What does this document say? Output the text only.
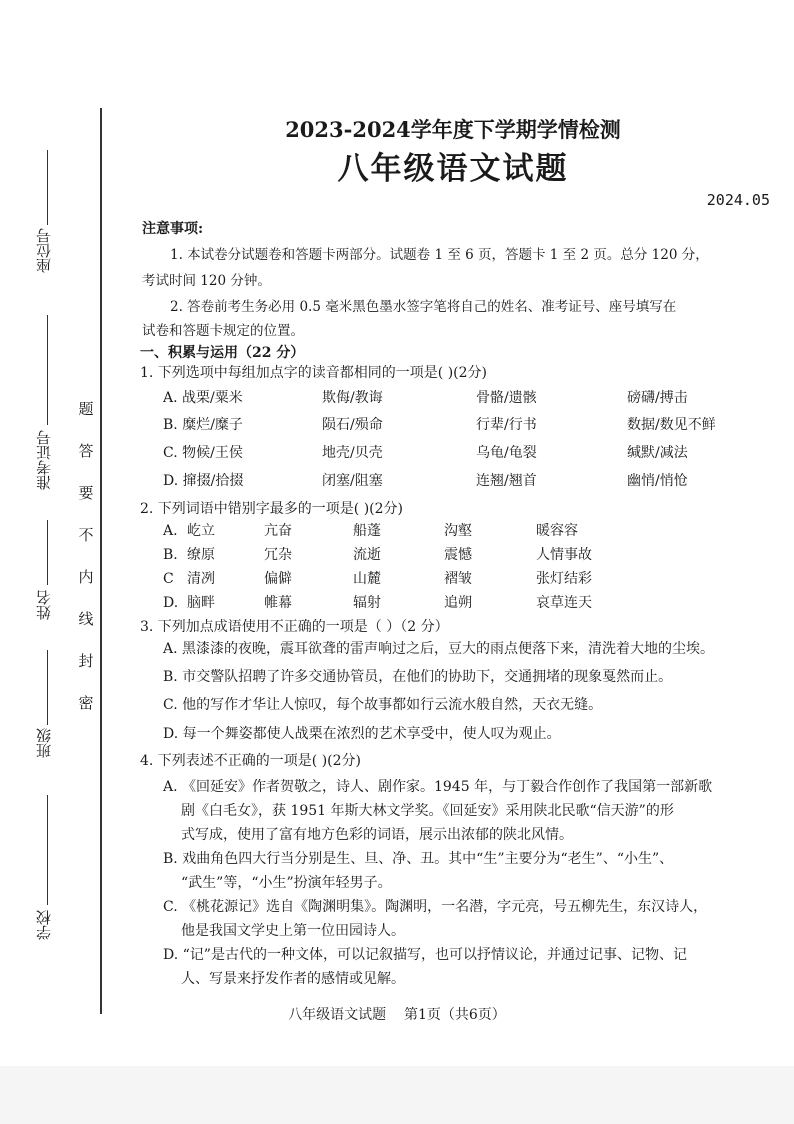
座位号
准考证号
姓名
班级
学校
密
封
线
内
不
要
答
题
2023-2024学年度下学期学情检测
八年级语文试题
2024.05
注意事项:
1. 本试卷分试题卷和答题卡两部分。试题卷 1 至 6 页，答题卡 1 至 2 页。总分 120 分，
考试时间 120 分钟。
2. 答卷前考生务必用 0.5 毫米黑色墨水签字笔将自己的姓名、准考证号、座号填写在
试卷和答题卡规定的位置。
一、积累与运用（22 分）
1. 下列选项中每组加点字的读音都相同的一项是( )(2分)
A. 战栗/粟米	欺侮/教诲	骨骼/遗骸	磅礴/搏击
B. 糜烂/糜子	陨石/殒命	行辈/行书	数据/数见不鲜
C. 物候/王侯	地壳/贝壳	乌龟/龟裂	缄默/减法
D. 撺掇/拾掇	闭塞/阻塞	连翘/翘首	幽悄/悄怆
2. 下列词语中错别字最多的一项是( )(2分)
A. 屹立	亢奋	船蓬	沟壑	暖容容
B. 缭原	冗杂	流逝	震憾	人情事故
C 清冽	偏僻	山麓	褶皱	张灯结彩
D. 脑畔	帷幕	辐射	追朔	哀草连天
3. 下列加点成语使用不正确的一项是（ ）（2 分）
A. 黑漆漆的夜晚，震耳欲聋的雷声响过之后，豆大的雨点便落下来，清洗着大地的尘埃。
B. 市交警队招聘了许多交通协管员，在他们的协助下，交通拥堵的现象戛然而止。
C. 他的写作才华让人惊叹，每个故事都如行云流水般自然，天衣无缝。
D. 每一个舞姿都使人战栗在浓烈的艺术享受中，使人叹为观止。
4. 下列表述不正确的一项是( )(2分)
A. 《回延安》作者贺敬之，诗人、剧作家。1945 年，与丁毅合作创作了我国第一部新歌
剧《白毛女》，获 1951 年斯大林文学奖。《回延安》采用陕北民歌“信天游”的形
式写成，使用了富有地方色彩的词语，展示出浓郁的陕北风情。
B. 戏曲角色四大行当分别是生、旦、净、丑。其中“生”主要分为“老生”、“小生”、
“武生”等，“小生”扮演年轻男子。
C. 《桃花源记》选自《陶渊明集》。陶渊明，一名潜，字元亮，号五柳先生，东汉诗人，
他是我国文学史上第一位田园诗人。
D. “记”是古代的一种文体，可以记叙描写，也可以抒情议论，并通过记事、记物、记
人、写景来抒发作者的感情或见解。
八年级语文试题    第1页（共6页）
